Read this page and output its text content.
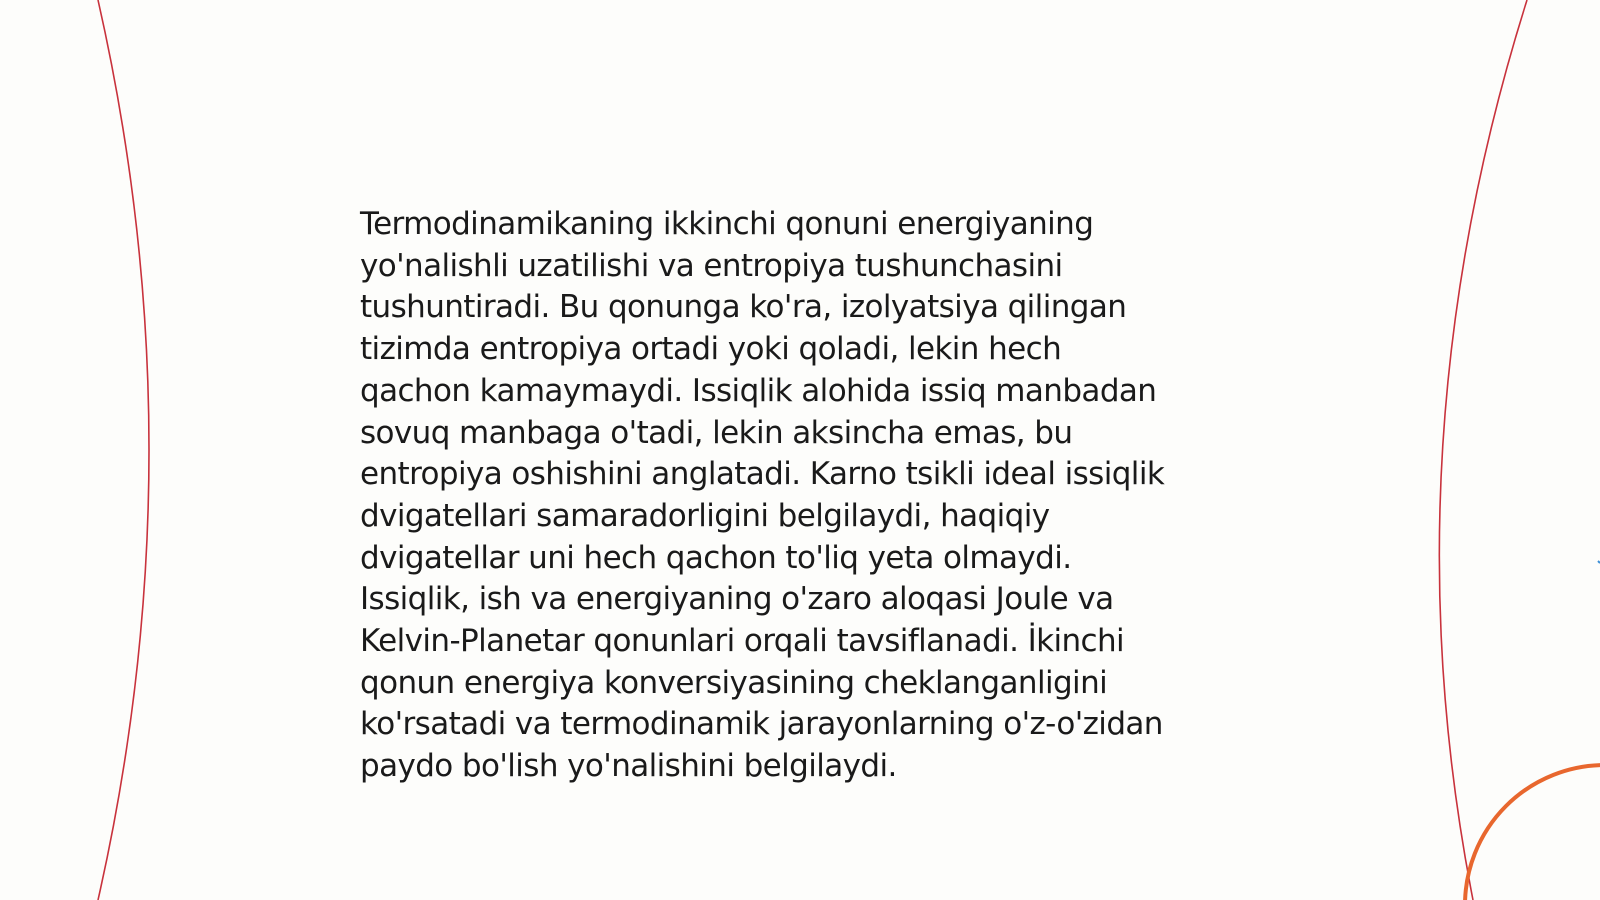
Termodinamikaning ikkinchi qonuni energiyaning
yo'nalishli uzatilishi va entropiya tushunchasini
tushuntiradi. Bu qonunga ko'ra, izolyatsiya qilingan
tizimda entropiya ortadi yoki qoladi, lekin hech
qachon kamaymaydi. Issiqlik alohida issiq manbadan
sovuq manbaga o'tadi, lekin aksincha emas, bu
entropiya oshishini anglatadi. Karno tsikli ideal issiqlik
dvigatellari samaradorligini belgilaydi, haqiqiy
dvigatellar uni hech qachon to'liq yeta olmaydi.
Issiqlik, ish va energiyaning o'zaro aloqasi Joule va
Kelvin-Planetar qonunlari orqali tavsiflanadi. İkinchi
qonun energiya konversiyasining cheklanganligini
ko'rsatadi va termodinamik jarayonlarning o'z-o'zidan
paydo bo'lish yo'nalishini belgilaydi.
